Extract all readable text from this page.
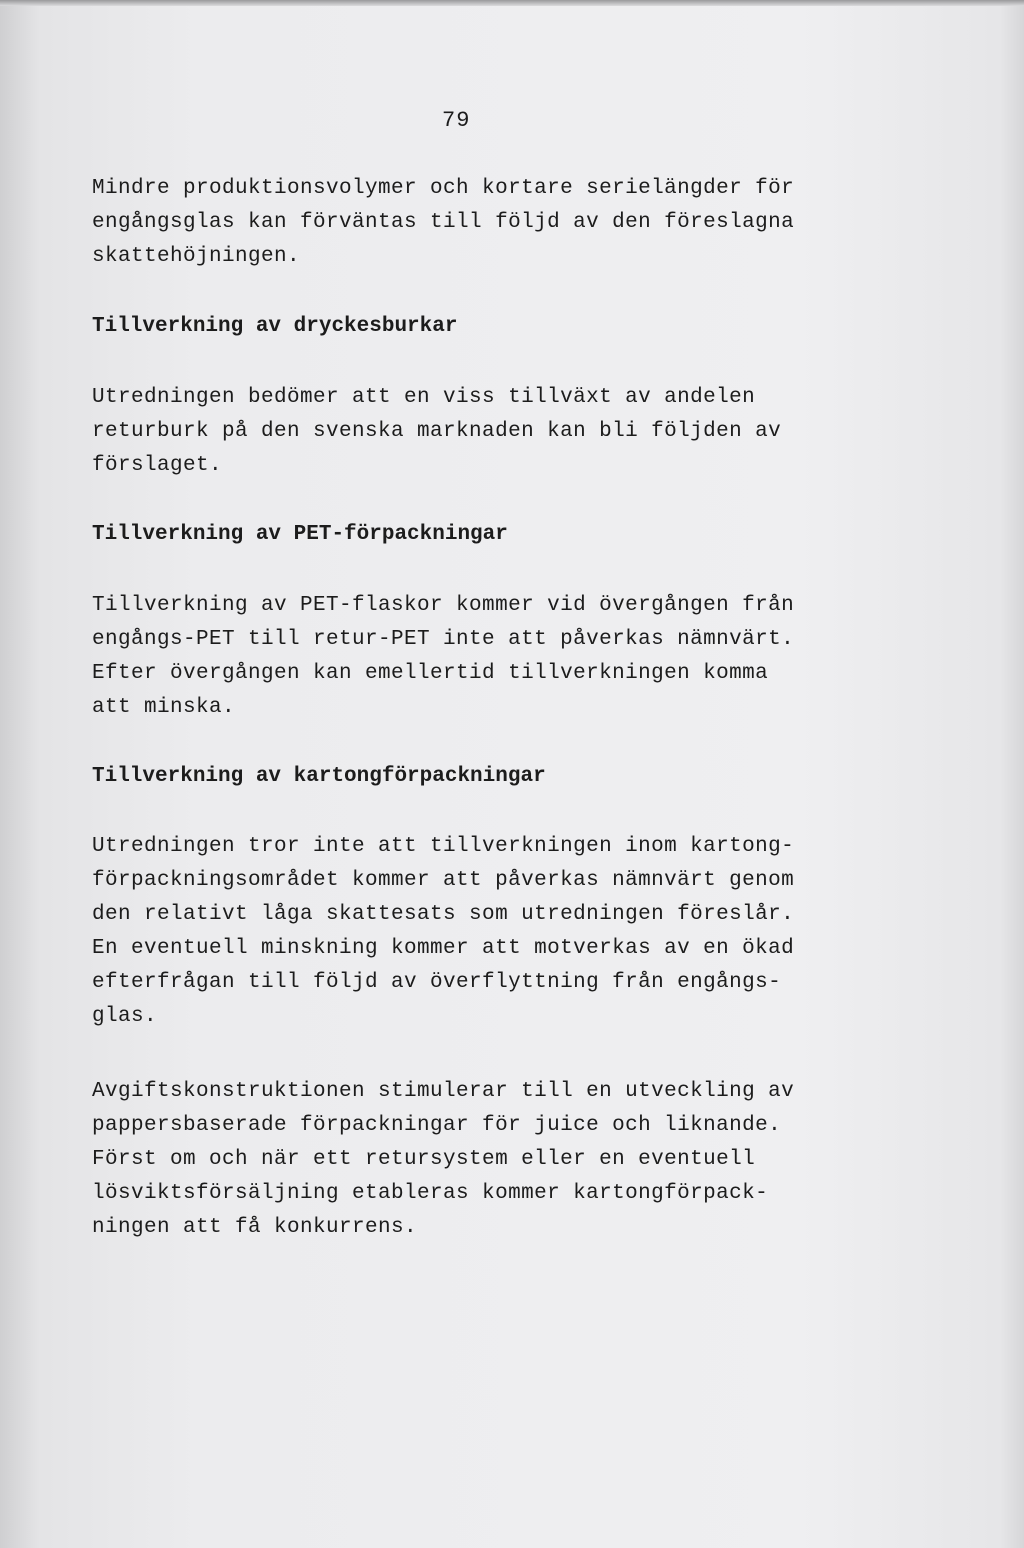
79
Mindre produktionsvolymer och kortare serielängder för
engångsglas kan förväntas till följd av den föreslagna
skattehöjningen.
Tillverkning av dryckesburkar
Utredningen bedömer att en viss tillväxt av andelen
returburk på den svenska marknaden kan bli följden av
förslaget.
Tillverkning av PET-förpackningar
Tillverkning av PET-flaskor kommer vid övergången från
engångs-PET till retur-PET inte att påverkas nämnvärt.
Efter övergången kan emellertid tillverkningen komma
att minska.
Tillverkning av kartongförpackningar
Utredningen tror inte att tillverkningen inom kartong-
förpackningsområdet kommer att påverkas nämnvärt genom
den relativt låga skattesats som utredningen föreslår.
En eventuell minskning kommer att motverkas av en ökad
efterfrågan till följd av överflyttning från engångs-
glas.
Avgiftskonstruktionen stimulerar till en utveckling av
pappersbaserade förpackningar för juice och liknande.
Först om och när ett retursystem eller en eventuell
lösviktsförsäljning etableras kommer kartongförpack-
ningen att få konkurrens.
